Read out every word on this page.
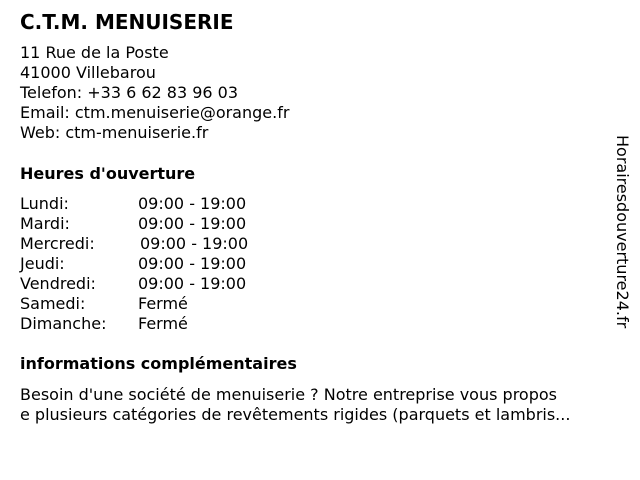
C.T.M. MENUISERIE
11 Rue de la Poste
41000 Villebarou
Telefon: +33 6 62 83 96 03
Email: ctm.menuiserie@orange.fr
Web: ctm-menuiserie.fr
Heures d'ouverture
Lundi:	09:00 - 19:00
Mardi:	09:00 - 19:00
Mercredi:	09:00 - 19:00
Jeudi:	09:00 - 19:00
Vendredi:	09:00 - 19:00
Samedi:	Fermé
Dimanche: Fermé
informations complémentaires
Besoin d'une société de menuiserie ? Notre entreprise vous propos
e plusieurs catégories de revêtements rigides (parquets et lambris...
Horairesdouverture24.fr
